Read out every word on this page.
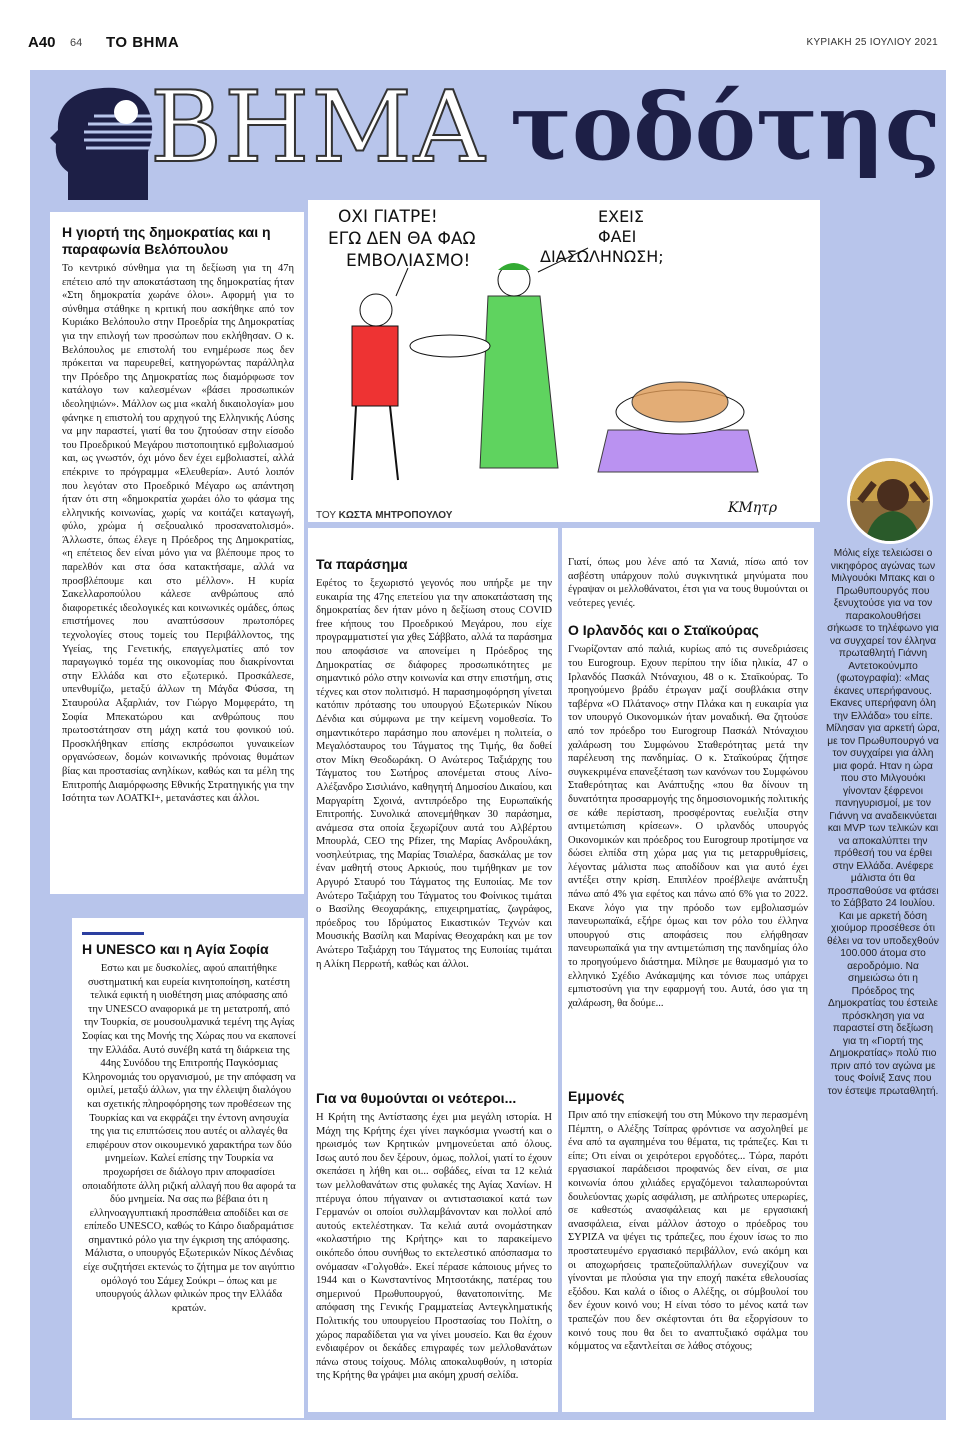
A40 64 ΤΟ ΒΗΜΑ	ΚΥΡΙΑΚΗ 25 ΙΟΥΛΙΟΥ 2021
ΒΗΜΑ τοδότης
Η γιορτή της δημοκρατίας και η παραφωνία Βελόπουλου

Το κεντρικό σύνθημα για τη δεξίωση για τη 47η επέτειο από την αποκατάσταση της δημοκρατίας ήταν «Στη δημοκρατία χωράνε όλοι». Αφορμή για το σύνθημα στάθηκε η κριτική που ασκήθηκε από τον Κυριάκο Βελόπουλο στην Προεδρία της Δημοκρατίας για την επιλογή των προσώπων που εκλήθησαν. Ο κ. Βελόπουλος με επιστολή του ενημέρωσε πως δεν πρόκειται να παρευρεθεί, κατηγορώντας παράλληλα την Πρόεδρο της Δημοκρατίας πως διαμόρφωσε τον κατάλογο των καλεσμένων «βάσει προσωπικών ιδεοληψιών». Μάλλον ως μια «καλή δικαιολογία» μου φάνηκε η επιστολή του αρχηγού της Ελληνικής Λύσης να μην παραστεί, γιατί θα του ζητούσαν στην είσοδο του Προεδρικού Μεγάρου πιστοποιητικό εμβολιασμού και, ως γνωστόν, όχι μόνο δεν έχει εμβολιαστεί, αλλά επέκρινε το πρόγραμμα «Ελευθερία». Αυτό λοιπόν που λεγόταν στο Προεδρικό Μέγαρο ως απάντηση ήταν ότι στη «δημοκρατία χωράει όλο το φάσμα της ελληνικής κοινωνίας, χωρίς να κοιτάζει καταγωγή, φύλο, χρώμα ή σεξουαλικό προσανατολισμό». Άλλωστε, όπως έλεγε η Πρόεδρος της Δημοκρατίας, «η επέτειος δεν είναι μόνο για να βλέπουμε προς το παρελθόν και στα όσα κατακτήσαμε, αλλά να προσβλέπουμε και στο μέλλον». Η κυρία Σακελλαροπούλου κάλεσε ανθρώπους από διαφορετικές ιδεολογικές και κοινωνικές ομάδες, όπως επιστήμονες που αναπτύσσουν πρωτοπόρες τεχνολογίες στους τομείς του Περιβάλλοντος, της Υγείας, της Γενετικής, επαγγελματίες από τον παραγωγικό τομέα της οικονομίας που διακρίνονται στην Ελλάδα και στο εξωτερικό. Προσκάλεσε, υπενθυμίζω, μεταξύ άλλων τη Μάγδα Φύσσα, τη Σταυρούλα Αξαρλιάν, τον Γιώργο Μομφεράτο, τη Σοφία Μπεκατώρου και ανθρώπους που πρωτοστάτησαν στη μάχη κατά του φονικού ιού. Προσκλήθηκαν επίσης εκπρόσωποι γυναικείων οργανώσεων, δομών κοινωνικής πρόνοιας θυμάτων βίας και προστασίας ανηλίκων, καθώς και τα μέλη της Επιτροπής Διαμόρφωσης Εθνικής Στρατηγικής για την Ισότητα των ΛΟΑΤΚΙ+, μετανάστες και άλλοι.

Η UNESCO και η Αγία Σοφία

Εστω και με δυσκολίες, αφού απαιτήθηκε συστηματική και ευρεία κινητοποίηση, κατέστη τελικά εφικτή η υιοθέτηση μιας απόφασης από την UNESCO αναφορικά με τη μετατροπή, από την Τουρκία, σε μουσουλμανικά τεμένη της Αγίας Σοφίας και της Μονής της Χώρας που να εκαπονεί την Ελλάδα. Αυτό συνέβη κατά τη διάρκεια της 44ης Συνόδου της Επιτροπής Παγκόσμιας Κληρονομιάς του οργανισμού, με την απόφαση να ομιλεί, μεταξύ άλλων, για την έλλειψη διαλόγου και σχετικής πληροφόρησης των προθέσεων της Τουρκίας και να εκφράζει την έντονη ανησυχία της για τις επιπτώσεις που αυτές οι αλλαγές θα επιφέρουν στον οικουμενικό χαρακτήρα των δύο μνημείων. Καλεί επίσης την Τουρκία να προχωρήσει σε διάλογο πριν αποφασίσει οποιαδήποτε άλλη ριζική αλλαγή που θα αφορά τα δύο μνημεία. Να σας πω βέβαια ότι η ελληνοαγγυπτιακή προσπάθεια αποδίδει και σε επίπεδο UNESCO, καθώς το Κάιρο διαδραμάτισε σημαντικό ρόλο για την έγκριση της απόφασης. Μάλιστα, ο υπουργός Εξωτερικών Νίκος Δένδιας είχε συζητήσει εκτενώς το ζήτημα με τον αιγύπτιο ομόλογό του Σάμεχ Σούκρι – όπως και με υπουργούς άλλων φιλικών προς την Ελλάδα κρατών.

ΟΧΙ ΓΙΑΤΡΕ!
ΕΓΩ ΔΕΝ ΘΑ ΦΑΩ
ΕΜΒΟΛΙΑΣΜΟ!
ΕΧΕΙΣ
ΦΑΕΙ
ΔΙΑΣΩΛΗΝΩΣΗ;
ΚΜητρ
ΤΟΥ ΚΩΣΤΑ ΜΗΤΡΟΠΟΥΛΟΥ
Τα παράσημα

Εφέτος το ξεχωριστό γεγονός που υπήρξε με την ευκαιρία της 47ης επετείου για την αποκατάσταση της δημοκρατίας δεν ήταν μόνο η δεξίωση στους COVID free κήπους του Προεδρικού Μεγάρου, που είχε προγραμματιστεί για χθες Σάββατο, αλλά τα παράσημα που αποφάσισε να απονείμει η Πρόεδρος της Δημοκρατίας σε διάφορες προσωπικότητες με σημαντικό ρόλο στην κοινωνία και στην επιστήμη, στις τέχνες και στον πολιτισμό. Η παρασημοφόρηση γίνεται κατόπιν πρότασης του υπουργού Εξωτερικών Νίκου Δένδια και σύμφωνα με την κείμενη νομοθεσία. Το σημαντικότερο παράσημο που απονέμει η πολιτεία, ο Μεγαλόσταυρος του Τάγματος της Τιμής, θα δοθεί στον Μίκη Θεοδωράκη. Ο Ανώτερος Ταξιάρχης του Τάγματος του Σωτήρος απονέμεται στους Λίνο-Αλέξανδρο Σισιλιάνο, καθηγητή Δημοσίου Δικαίου, και Μαργαρίτη Σχοινά, αντιπρόεδρο της Ευρωπαϊκής Επιτροπής. Συνολικά απονεμήθηκαν 30 παράσημα, ανάμεσα στα οποία ξεχωρίζουν αυτά του Αλβέρτου Μπουρλά, CEO της Pfizer, της Μαρίας Ανδρουλάκη, νοσηλεύτριας, της Μαρίας Τσιαλέρα, δασκάλας με τον έναν μαθητή στους Αρκιούς, που τιμήθηκαν με τον Αργυρό Σταυρό του Τάγματος της Ευποιίας. Με τον Ανώτερο Ταξιάρχη του Τάγματος του Φοίνικος τιμάται ο Βασίλης Θεοχαράκης, επιχειρηματίας, ζωγράφος, πρόεδρος του Ιδρύματος Εικαστικών Τεχνών και Μουσικής Βασίλη και Μαρίνας Θεοχαράκη και με τον Ανώτερο Ταξιάρχη του Τάγματος της Ευποιίας τιμάται η Αλίκη Περρωτή, καθώς και άλλοι.

Για να θυμούνται οι νεότεροι...

Η Κρήτη της Αντίστασης έχει μια μεγάλη ιστορία. Η Μάχη της Κρήτης έχει γίνει παγκόσμια γνωστή και ο ηρωισμός των Κρητικών μνημονεύεται από όλους. Ισως αυτό που δεν ξέρουν, όμως, πολλοί, γιατί το έχουν σκεπάσει η λήθη και οι... σοβάδες, είναι τα 12 κελιά των μελλοθανάτων στις φυλακές της Αγίας Χανίων. Η πτέρυγα όπου πήγαιναν οι αντιστασιακοί κατά των Γερμανών οι οποίοι συλλαμβάνονταν και πολλοί από αυτούς εκτελέστηκαν. Τα κελιά αυτά ονομάστηκαν «κολαστήριο της Κρήτης» και το παρακείμενο οικόπεδο όπου συνήθως το εκτελεστικό απόσπασμα το ονόμασαν «Γολγοθά». Εκεί πέρασε κάποιους μήνες το 1944 και ο Κωνσταντίνος Μητσοτάκης, πατέρας του σημερινού Πρωθυπουργού, θανατοποινίτης. Με απόφαση της Γενικής Γραμματείας Αντεγκληματικής Πολιτικής του υπουργείου Προστασίας του Πολίτη, ο χώρος παραδίδεται για να γίνει μουσείο. Και θα έχουν ενδιαφέρον οι δεκάδες επιγραφές των μελλοθανάτων πάνω στους τοίχους. Μόλις αποκαλυφθούν, η ιστορία της Κρήτης θα γράψει μια ακόμη χρυσή σελίδα.

Γιατί, όπως μου λένε από τα Χανιά, πίσω από τον ασβέστη υπάρχουν πολύ συγκινητικά μηνύματα που έγραψαν οι μελλοθάνατοι, έτσι για να τους θυμούνται οι νεότερες γενιές.

Ο Ιρλανδός και ο Σταϊκούρας

Γνωρίζονταν από παλιά, κυρίως από τις συνεδριάσεις του Eurogroup. Εχουν περίπου την ίδια ηλικία, 47 ο Ιρλανδός Πασκάλ Ντόναχιου, 48 ο κ. Σταϊκούρας. Το προηγούμενο βράδυ έτρωγαν μαζί σουβλάκια στην ταβέρνα «Ο Πλάτανος» στην Πλάκα και η ευκαιρία για τον υπουργό Οικονομικών ήταν μοναδική. Θα ζητούσε από τον πρόεδρο του Eurogroup Πασκάλ Ντόναχιου χαλάρωση του Συμφώνου Σταθερότητας μετά την παρέλευση της πανδημίας. Ο κ. Σταϊκούρας ζήτησε συγκεκριμένα επανεξέταση των κανόνων του Συμφώνου Σταθερότητας και Ανάπτυξης «που θα δίνουν τη δυνατότητα προσαρμογής της δημοσιονομικής πολιτικής σε κάθε περίσταση, προσφέροντας ευελιξία στην αντιμετώπιση κρίσεων». Ο ιρλανδός υπουργός Οικονομικών και πρόεδρος του Eurogroup προτίμησε να δώσει ελπίδα στη χώρα μας για τις μεταρρυθμίσεις, λέγοντας μάλιστα πως αποδίδουν και για αυτό έχει αντέξει στην κρίση. Επιπλέον προέβλεψε ανάπτυξη πάνω από 4% για εφέτος και πάνω από 6% για το 2022. Εκανε λόγο για την πρόοδο των εμβολιασμών πανευρωπαϊκά, εξήρε όμως και τον ρόλο του έλληνα υπουργού στις αποφάσεις που ελήφθησαν πανευρωπαϊκά για την αντιμετώπιση της πανδημίας όλο το προηγούμενο διάστημα. Μίλησε με θαυμασμό για το ελληνικό Σχέδιο Ανάκαμψης και τόνισε πως υπάρχει εμπιστοσύνη για την εφαρμογή του. Αυτά, όσο για τη χαλάρωση, θα δούμε...

Εμμονές

Πριν από την επίσκεψή του στη Μύκονο την περασμένη Πέμπτη, ο Αλέξης Τσίπρας φρόντισε να ασχοληθεί με ένα από τα αγαπημένα του θέματα, τις τράπεζες. Και τι είπε; Οτι είναι οι χειρότεροι εργοδότες... Τώρα, παρότι εργασιακοί παράδεισοι προφανώς δεν είναι, σε μια κοινωνία όπου χιλιάδες εργαζόμενοι ταλαιπωρούνται δουλεύοντας χωρίς ασφάλιση, με απλήρωτες υπερωρίες, σε καθεστώς ανασφάλειας και με εργασιακή ανασφάλεια, είναι μάλλον άστοχο ο πρόεδρος του ΣΥΡΙΖΑ να ψέγει τις τράπεζες, που έχουν ίσως το πιο προστατευμένο εργασιακό περιβάλλον, ενώ ακόμη και οι αποχωρήσεις τραπεζοϋπαλλήλων συνεχίζουν να γίνονται με πλούσια για την εποχή πακέτα εθελουσίας εξόδου. Και καλά ο ίδιος ο Αλέξης, οι σύμβουλοί του δεν έχουν κοινό νου; Η είναι τόσο το μένος κατά των τραπεζών που δεν σκέφτονται ότι θα εξοργίσουν το κοινό τους που θα δει το αναπτυξιακό σφάλμα του κόμματος να εξαντλείται σε λάθος στόχους;

Μόλις είχε τελειώσει ο νικηφόρος αγώνας των Μιλγουόκι Μπακς και ο Πρωθυπουργός που ξενυχτούσε για να τον παρακολουθήσει σήκωσε το τηλέφωνο για να συγχαρεί τον έλληνα πρωταθλητή Γιάννη Αντετοκούνμπο (φωτογραφία): «Μας έκανες υπερήφανους. Εκανες υπερήφανη όλη την Ελλάδα» του είπε. Μίλησαν για αρκετή ώρα, με τον Πρωθυπουργό να τον συγχαίρει για άλλη μια φορά. Ηταν η ώρα που στο Μιλγουόκι γίνονταν ξέφρενοι πανηγυρισμοί, με τον Γιάννη να αναδεικνύεται και MVP των τελικών και να αποκαλύπτει την πρόθεσή του να έρθει στην Ελλάδα. Ανέφερε μάλιστα ότι θα προσπαθούσε να φτάσει το Σάββατο 24 Ιουλίου. Και με αρκετή δόση χιούμορ προσέθεσε ότι θέλει να τον υποδεχθούν 100.000 άτομα στο αεροδρόμιο. Να σημειώσω ότι η Πρόεδρος της Δημοκρατίας του έστειλε πρόσκληση για να παραστεί στη δεξίωση για τη «Γιορτή της Δημοκρατίας» πολύ πιο πριν από τον αγώνα με τους Φοίνιξ Σανς που τον έστεψε πρωταθλητή.
